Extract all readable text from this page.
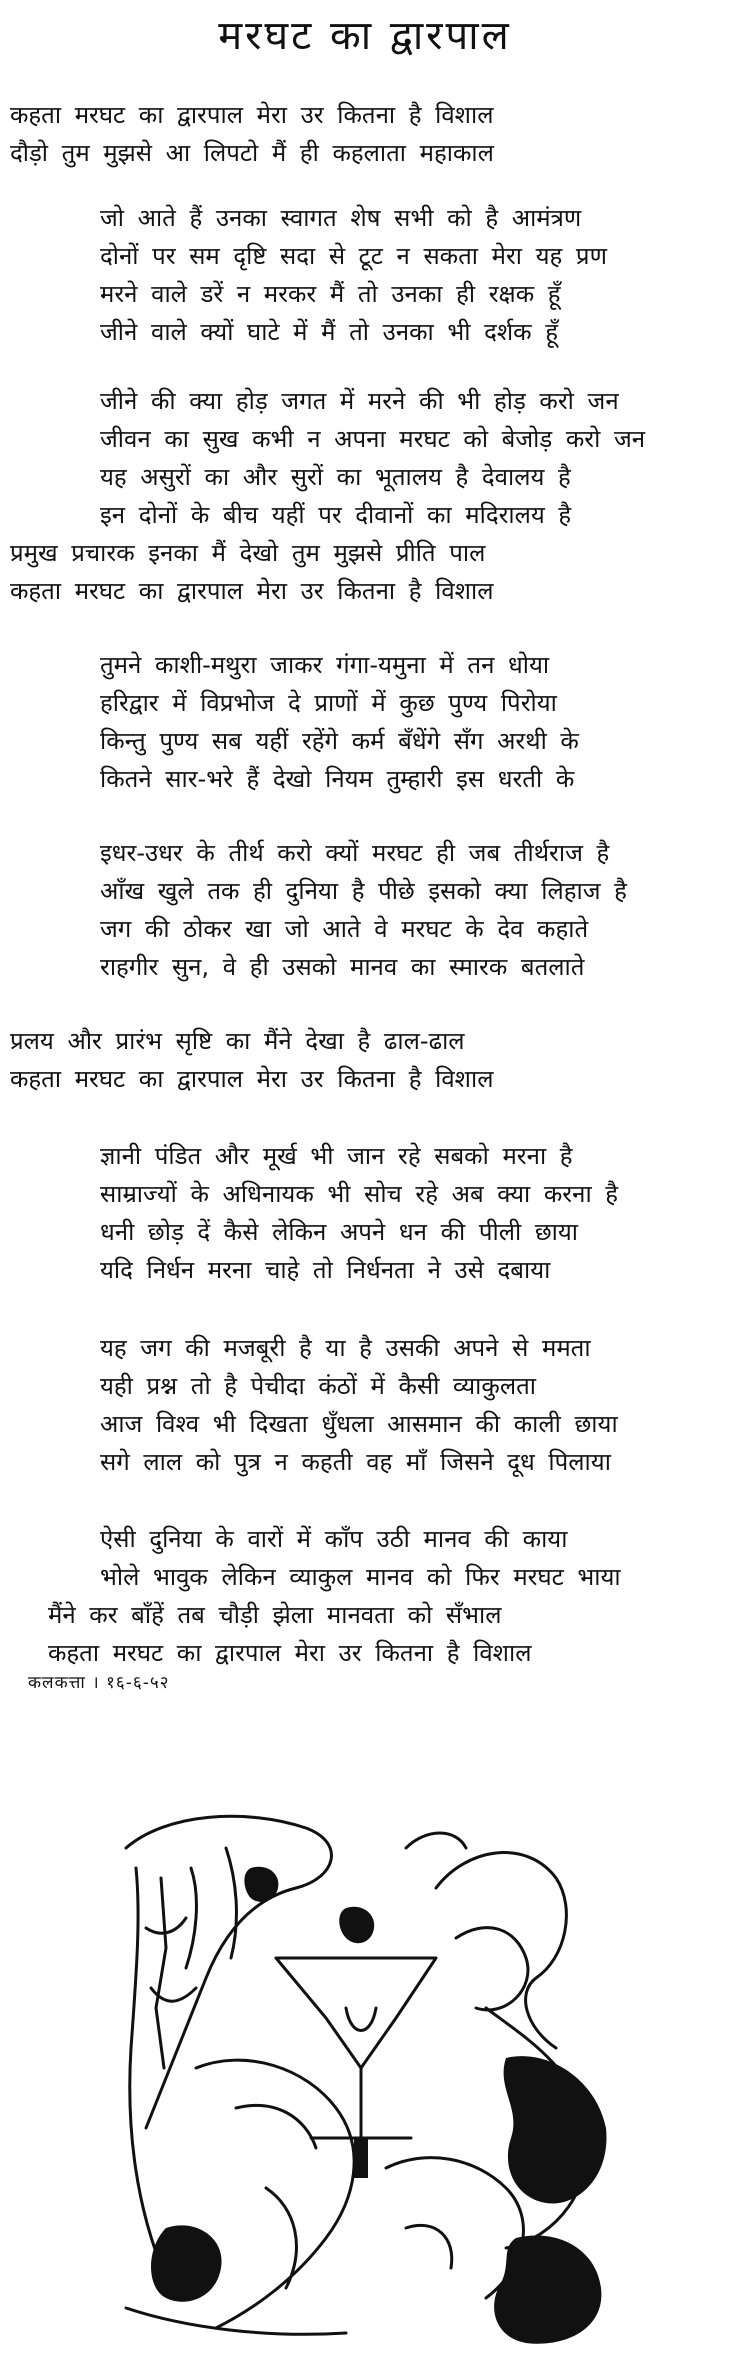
मरघट का द्वारपाल
कहता मरघट का द्वारपाल मेरा उर कितना है विशाल
दौड़ो तुम मुझसे आ लिपटो मैं ही कहलाता महाकाल
जो आते हैं उनका स्वागत शेष सभी को है आमंत्रण
दोनों पर सम दृष्टि सदा से टूट न सकता मेरा यह प्रण
मरने वाले डरें न मरकर मैं तो उनका ही रक्षक हूँ
जीने वाले क्यों घाटे में मैं तो उनका भी दर्शक हूँ
जीने की क्या होड़ जगत में मरने की भी होड़ करो जन
जीवन का सुख कभी न अपना मरघट को बेजोड़ करो जन
यह असुरों का और सुरों का भूतालय है देवालय है
इन दोनों के बीच यहीं पर दीवानों का मदिरालय है
प्रमुख प्रचारक इनका मैं देखो तुम मुझसे प्रीति पाल
कहता मरघट का द्वारपाल मेरा उर कितना है विशाल
तुमने काशी-मथुरा जाकर गंगा-यमुना में तन धोया
हरिद्वार में विप्रभोज दे प्राणों में कुछ पुण्य पिरोया
किन्तु पुण्य सब यहीं रहेंगे कर्म बँधेंगे सँग अरथी के
कितने सार-भरे हैं देखो नियम तुम्हारी इस धरती के
इधर-उधर के तीर्थ करो क्यों मरघट ही जब तीर्थराज है
आँख खुले तक ही दुनिया है पीछे इसको क्या लिहाज है
जग की ठोकर खा जो आते वे मरघट के देव कहाते
राहगीर सुन, वे ही उसको मानव का स्मारक बतलाते
प्रलय और प्रारंभ सृष्टि का मैंने देखा है ढाल-ढाल
कहता मरघट का द्वारपाल मेरा उर कितना है विशाल
ज्ञानी पंडित और मूर्ख भी जान रहे सबको मरना है
साम्राज्यों के अधिनायक भी सोच रहे अब क्या करना है
धनी छोड़ दें कैसे लेकिन अपने धन की पीली छाया
यदि निर्धन मरना चाहे तो निर्धनता ने उसे दबाया
यह जग की मजबूरी है या है उसकी अपने से ममता
यही प्रश्न तो है पेचीदा कंठों में कैसी व्याकुलता
आज विश्व भी दिखता धुँधला आसमान की काली छाया
सगे लाल को पुत्र न कहती वह माँ जिसने दूध पिलाया
ऐसी दुनिया के वारों में काँप उठी मानव की काया
भोले भावुक लेकिन व्याकुल मानव को फिर मरघट भाया
मैंने कर बाँहें तब चौड़ी झेला मानवता को सँभाल
कहता मरघट का द्वारपाल मेरा उर कितना है विशाल
कलकत्ता । १६-६-५२
